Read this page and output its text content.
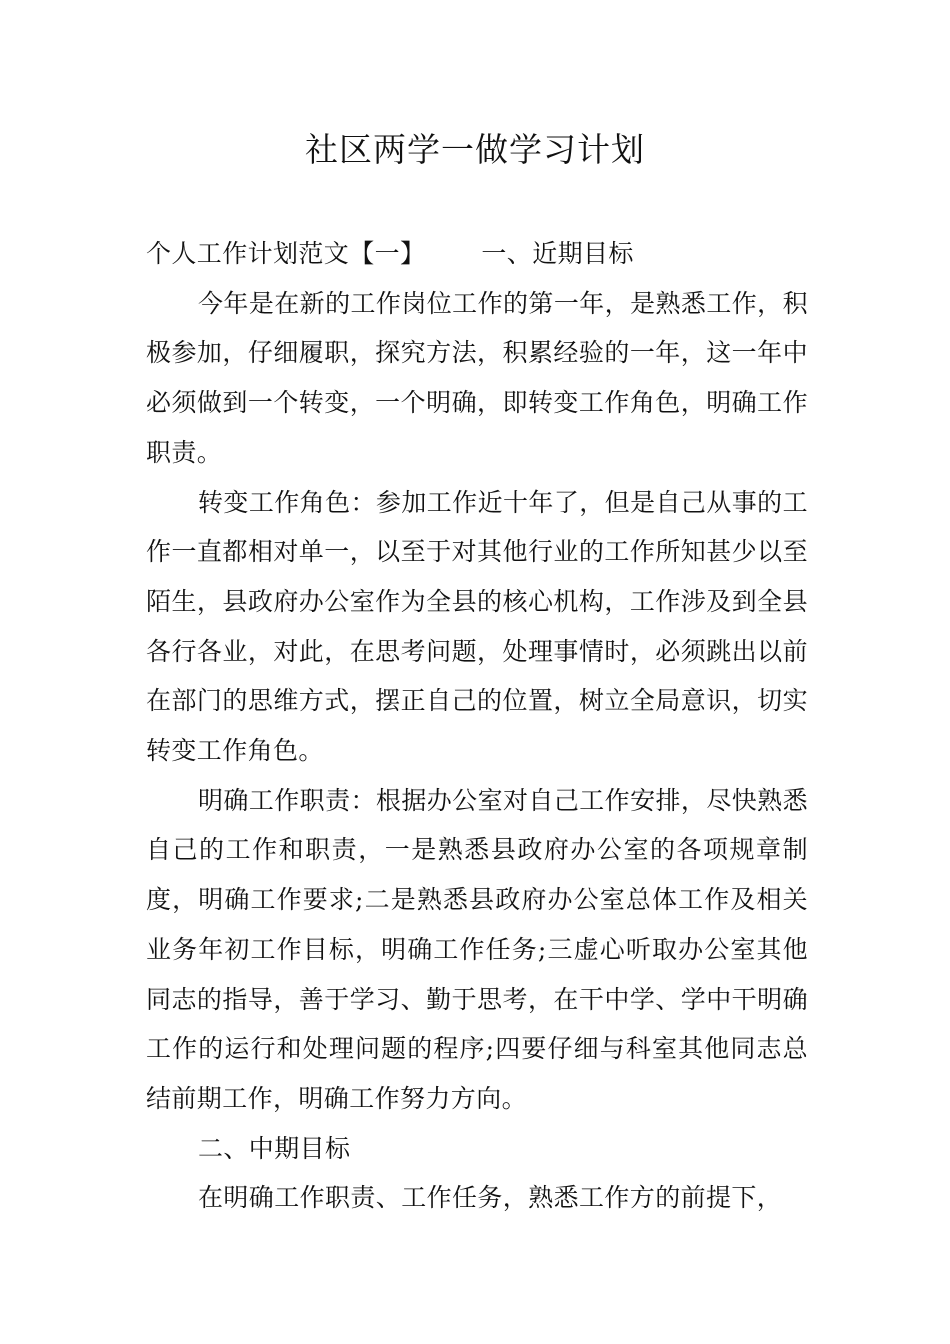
社区两学一做学习计划

个人工作计划范文【一】 一、近期目标

今年是在新的工作岗位工作的第一年，是熟悉工作，积极参加，仔细履职，探究方法，积累经验的一年，这一年中必须做到一个转变，一个明确，即转变工作角色，明确工作职责。

转变工作角色：参加工作近十年了，但是自己从事的工作一直都相对单一，以至于对其他行业的工作所知甚少以至陌生，县政府办公室作为全县的核心机构，工作涉及到全县各行各业，对此，在思考问题，处理事情时，必须跳出以前在部门的思维方式，摆正自己的位置，树立全局意识，切实转变工作角色。

明确工作职责：根据办公室对自己工作安排，尽快熟悉自己的工作和职责，一是熟悉县政府办公室的各项规章制度，明确工作要求;二是熟悉县政府办公室总体工作及相关业务年初工作目标，明确工作任务;三虚心听取办公室其他同志的指导，善于学习、勤于思考，在干中学、学中干明确工作的运行和处理问题的程序;四要仔细与科室其他同志总结前期工作，明确工作努力方向。

二、中期目标

在明确工作职责、工作任务，熟悉工作方的前提下，
